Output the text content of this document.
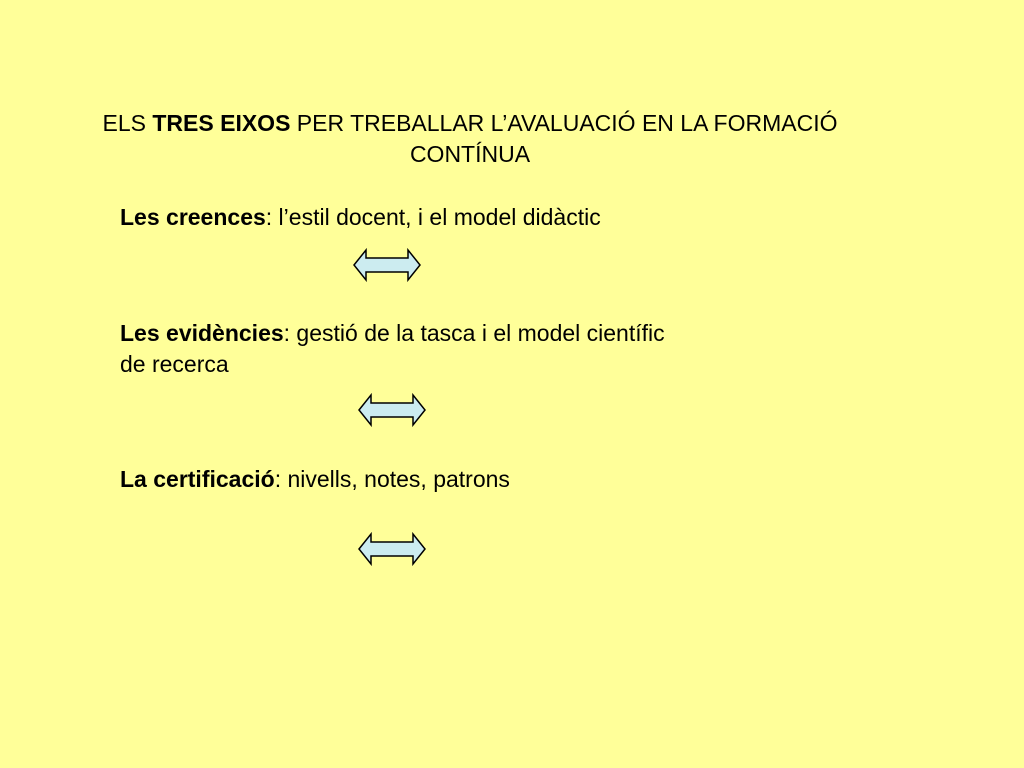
ELS TRES EIXOS PER TREBALLAR L’AVALUACIÓ EN LA FORMACIÓ
CONTÍNUA
Les creences: l’estil docent, i el model didàctic
Les evidències: gestió de la tasca i el model científic de recerca
La certificació: nivells, notes, patrons
